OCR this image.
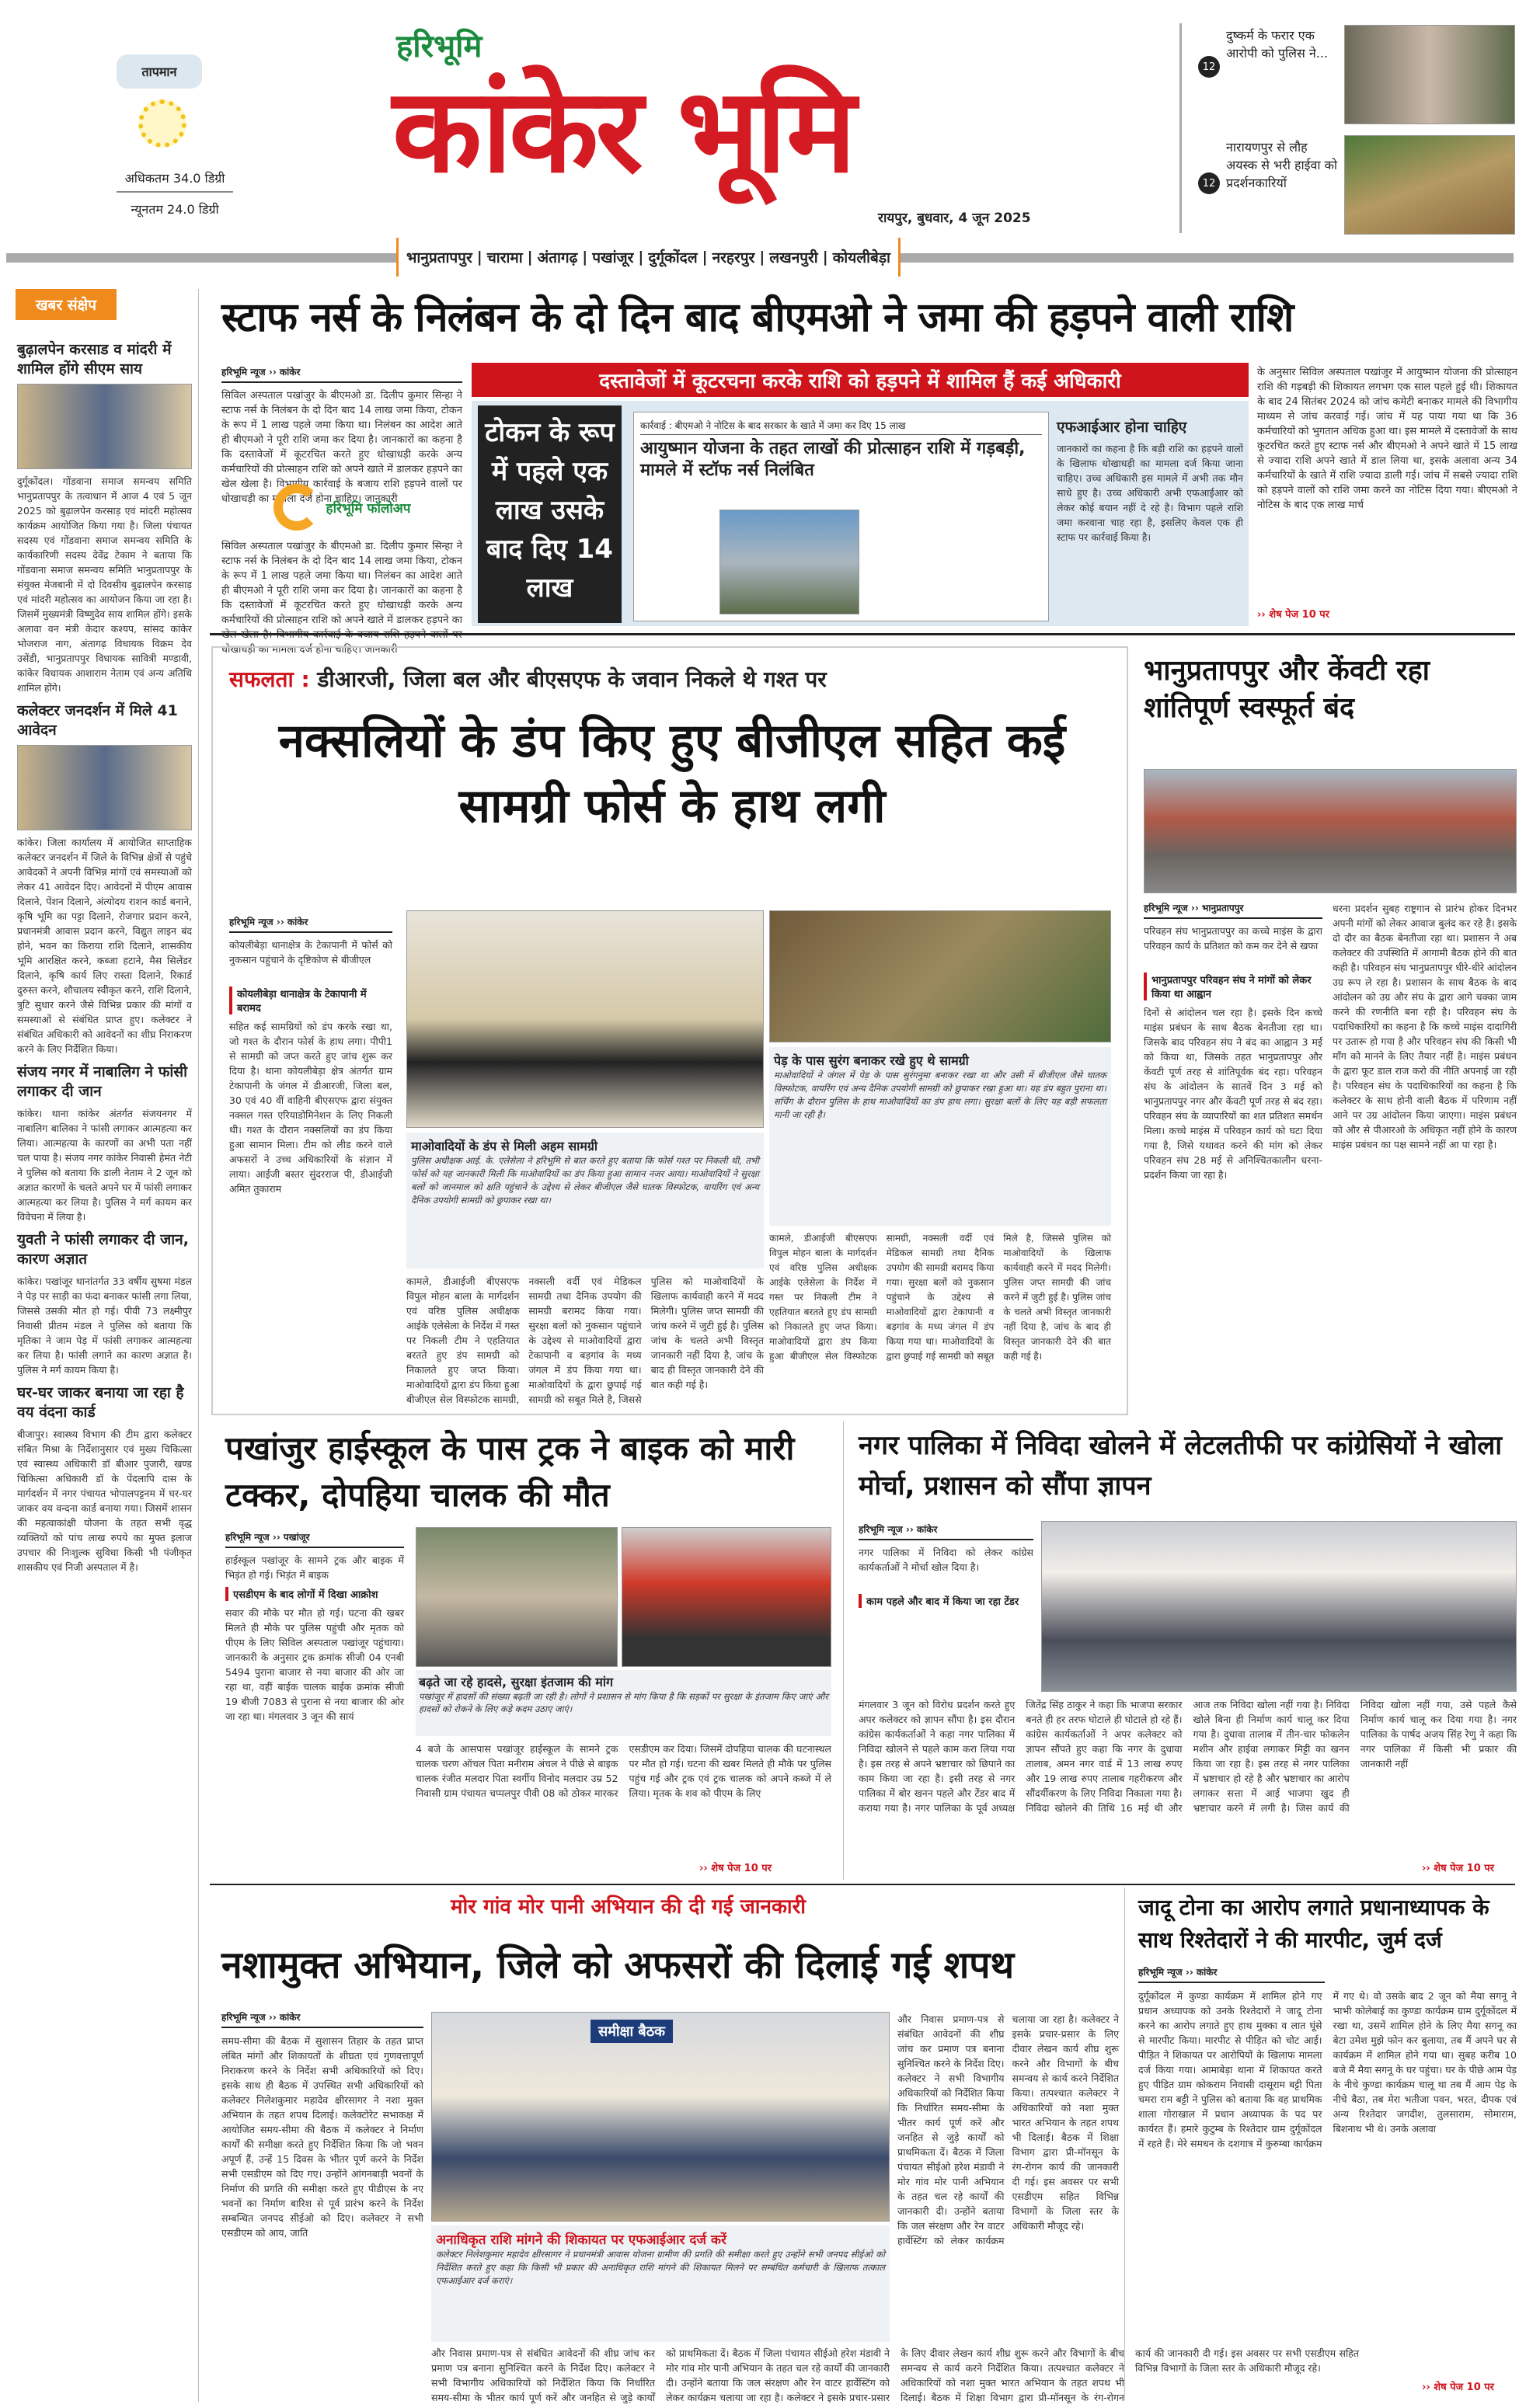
तापमान
अधिकतम 34.0 डिग्री
न्यूनतम 24.0 डिग्री
हरिभूमि
कांकेर भूमि
रायपुर, बुधवार, 4 जून 2025
12
दुष्कर्म के फरार एक आरोपी को पुलिस ने...
12
नारायणपुर से लौह अयस्क से भरी हाईवा को प्रदर्शनकारियों
भानुप्रतापपुर | चारामा | अंतागढ़ | पखांजूर | दुर्गूकोंदल | नरहरपुर | लखनपुरी | कोयलीबेड़ा
खबर संक्षेप
बुढ़ालपेन करसाड व मांदरी में शामिल होंगे सीएम साय
दुर्गूकोंदल। गोंडवाना समाज समन्वय समिति भानुप्रतापपुर के तत्वाधान में आज 4 एवं 5 जून 2025 को बुढ़ालपेन करसाड़ एवं मांदरी महोत्सव कार्यक्रम आयोजित किया गया है। जिला पंचायत सदस्य एवं गोंडवाना समाज समन्वय समिति के कार्यकारिणी सदस्य देवेंद्र टेकाम ने बताया कि गोंडवाना समाज समन्वय समिति भानुप्रतापपुर के संयुक्त मेजबानी में दो दिवसीय बुढ़ालपेन करसाड़ एवं मांदरी महोत्सव का आयोजन किया जा रहा है। जिसमें मुख्यमंत्री विष्णुदेव साय शामिल होंगे। इसके अलावा वन मंत्री केदार कश्यप, सांसद कांकेर भोजराज नाग, अंतागढ़ विधायक विक्रम देव उसेंडी, भानुप्रतापपुर विधायक सावित्री मण्डावी, कांकेर विधायक आशाराम नेताम एवं अन्य अतिथि शामिल होंगे।
कलेक्टर जनदर्शन में मिले 41 आवेदन
कांकेर। जिला कार्यालय में आयोजित साप्ताहिक कलेक्टर जनदर्शन में जिले के विभिन्न क्षेत्रों से पहुंचे आवेदकों ने अपनी विभिन्न मांगों एवं समस्याओं को लेकर 41 आवेदन दिए। आवेदनों में पीएम आवास दिलाने, पेंशन दिलाने, अंत्योदय राशन कार्ड बनाने, कृषि भूमि का पट्टा दिलाने, रोजगार प्रदान करने, प्रधानमंत्री आवास प्रदान करने, विद्युत लाइन बंद होने, भवन का किराया राशि दिलाने, शासकीय भूमि आरक्षित करने, कब्जा हटाने, मैस सिलेंडर दिलाने, कृषि कार्य लिए रास्ता दिलाने, रिकार्ड दुरुस्त करने, शौचालय स्वीकृत करने, राशि दिलाने, त्रुटि सुधार करने जैसे विभिन्न प्रकार की मांगों व समस्याओं से संबंधित प्राप्त हुए। कलेक्टर ने संबंधित अधिकारी को आवेदनों का शीघ्र निराकरण करने के लिए निर्देशित किया।
संजय नगर में नाबालिग ने फांसी लगाकर दी जान
कांकेर। थाना कांकेर अंतर्गत संजयनगर में नाबालिग बालिका ने फांसी लगाकर आत्महत्या कर लिया। आत्महत्या के कारणों का अभी पता नहीं चल पाया है। संजय नगर कांकेर निवासी हेमंत नेटी ने पुलिस को बताया कि डाली नेताम ने 2 जून को अज्ञात कारणों के चलते अपने घर में फांसी लगाकर आत्महत्या कर लिया है। पुलिस ने मर्ग कायम कर विवेचना में लिया है।
युवती ने फांसी लगाकर दी जान, कारण अज्ञात
कांकेर। पखांजूर थानांतर्गत 33 वर्षीय सुषमा मंडल ने पेड़ पर साड़ी का फंदा बनाकर फांसी लगा लिया, जिससे उसकी मौत हो गई। पीवी 73 लक्ष्मीपुर निवासी प्रीतम मंडल ने पुलिस को बताया कि मृतिका ने जाम पेड़ में फांसी लगाकर आत्महत्या कर लिया है। फांसी लगाने का कारण अज्ञात है। पुलिस ने मर्ग कायम किया है।
घर-घर जाकर बनाया जा रहा है वय वंदना कार्ड
बीजापुर। स्वास्थ्य विभाग की टीम द्वारा कलेक्टर संबित मिश्रा के निर्देशानुसार एवं मुख्य चिकित्सा एवं स्वास्थ्य अधिकारी डॉ बीआर पुजारी, खण्ड चिकित्सा अधिकारी डॉ के पेंदलापि दास के मार्गदर्शन में नगर पंचायत भोपालपट्टनम में घर-घर जाकर वय वन्दना कार्ड बनाया गया। जिसमें शासन की महत्वाकांक्षी योजना के तहत सभी वृद्ध व्यक्तियों को पांच लाख रुपये का मुफ्त इलाज उपचार की निःशुल्क सुविधा किसी भी पंजीकृत शासकीय एवं निजी अस्पताल में है।
स्टाफ नर्स के निलंबन के दो दिन बाद बीएमओ ने जमा की हड़पने वाली राशि
हरिभूमि न्यूज ›› कांकेर
सिविल अस्पताल पखांजुर के बीएमओ डा. दिलीप कुमार सिन्हा ने स्टाफ नर्स के निलंबन के दो दिन बाद 14 लाख जमा किया, टोकन के रूप में 1 लाख पहले जमा किया था। निलंबन का आदेश आते ही बीएमओ ने पूरी राशि जमा कर दिया है। जानकारों का कहना है कि दस्तावेजों में कूटरचित करते हुए धोखाधड़ी करके अन्य कर्मचारियों की प्रोत्साहन राशि को अपने खाते में डालकर हड़पने का खेल खेला है। विभागीय कार्रवाई के बजाय राशि हड़पने वालों पर धोखाधड़ी का मामला दर्ज होना चाहिए। जानकारी
हरिभूमि फॉलोअप
सिविल अस्पताल पखांजुर के बीएमओ डा. दिलीप कुमार सिन्हा ने स्टाफ नर्स के निलंबन के दो दिन बाद 14 लाख जमा किया, टोकन के रूप में 1 लाख पहले जमा किया था। निलंबन का आदेश आते ही बीएमओ ने पूरी राशि जमा कर दिया है। जानकारों का कहना है कि दस्तावेजों में कूटरचित करते हुए धोखाधड़ी करके अन्य कर्मचारियों की प्रोत्साहन राशि को अपने खाते में डालकर हड़पने का धोखाधड़ी का मामला दर्ज होना चाहिए। जानकारी
दस्तावेजों में कूटरचना करके राशि को हड़पने में शामिल हैं कई अधिकारी
टोकन के रूप में पहले एक लाख उसके बाद दिए 14 लाख
कार्रवाई : बीएमओ ने नोटिस के बाद सरकार के खाते में जमा कर दिए 15 लाख
आयुष्मान योजना के तहत लाखों की प्रोत्साहन राशि में गड़बड़ी, मामले में स्टॉफ नर्स निलंबित
एफआईआर होना चाहिए
जानकारों का कहना है कि बड़ी राशि का हड़पने वालों के खिलाफ धोखाधड़ी का मामला दर्ज किया जाना चाहिए। उच्च अधिकारी इस मामले में अभी तक मौन साधे हुए है। उच्च अधिकारी अभी एफआईआर को लेकर कोई बयान नहीं दे रहे है। विभाग पहले राशि जमा करवाना चाह रहा है, इसलिए केवल एक ही स्टाफ पर कार्रवाई किया है।
के अनुसार सिविल अस्पताल पखांजुर में आयुष्मान योजना की प्रोत्साहन राशि की गड़बड़ी की शिकायत लगभग एक साल पहले हुई थी। शिकायत के बाद 24 सितंबर 2024 को जांच कमेटी बनाकर मामले की विभागीय माध्यम से जांच करवाई गई। जांच में यह पाया गया था कि 36 कर्मचारियों को भुगतान अधिक हुआ था। इस मामले में दस्तावेजों के साथ कूटरचित करते हुए स्टाफ नर्स और बीएमओ ने अपने खाते में 15 लाख से ज्यादा राशि अपने खाते में डाल लिया था, इसके अलावा अन्य 34 कर्मचारियों के खाते में राशि ज्यादा डाली गई। जांच में सबसे ज्यादा राशि को हड़पने वालों को राशि जमा करने का नोटिस दिया गया। बीएमओ ने नोटिस के बाद एक लाख मार्च
›› शेष पेज 10 पर
सफलता : डीआरजी, जिला बल और बीएसएफ के जवान निकले थे गश्त पर
नक्सलियों के डंप किए हुए बीजीएल सहित कई सामग्री फोर्स के हाथ लगी
हरिभूमि न्यूज ›› कांकेर
कोयलीबेड़ा थानाक्षेत्र के टेकापानी में फोर्स को नुकसान पहुंचाने के दृष्टिकोण से बीजीएल
कोयलीबेड़ा थानाक्षेत्र के टेकापानी में बरामद
सहित कई सामग्रियों को डंप करके रखा था, जो गश्त के दौरान फोर्स के हाथ लगा। पीपी1 से सामग्री को जप्त करते हुए जांच शुरू कर दिया है। थाना कोयलीबेड़ा क्षेत्र अंतर्गत ग्राम टेकापानी के जंगल में डीआरजी, जिला बल, 30 एवं 40 वीं वाहिनी बीएसएफ द्वारा संयुक्त नक्सल गस्त एरियाडोमिनेशन के लिए निकली थी। गश्त के दौरान नक्सलियों का डंप किया हुआ सामान मिला। टीम को लीड करने वाले अफसरों ने उच्च अधिकारियों के संज्ञान में लाया। आईजी बस्तर सुंदरराज पी, डीआईजी अमित तुकाराम
माओवादियों के डंप से मिली अहम सामग्री
पुलिस अधीक्षक आई. के. एलेसेला ने हरिभूमि से बात करते हुए बताया कि फोर्स गश्त पर निकली थी, तभी फोर्स को यह जानकारी मिली कि माओवादियों का डंप किया हुआ सामान नजर आया। माओवादियों ने सुरक्षा बलों को जानमाल को क्षति पहुंचाने के उद्देश्य से लेकर बीजीएल जैसे घातक विस्फोटक, वायरिंग एवं अन्य दैनिक उपयोगी सामग्री को छुपाकर रखा था।
पेड़ के पास सुरंग बनाकर रखे हुए थे सामग्री
माओवादियों ने जंगल में पेड़ के पास सुरंगनुमा बनाकर रखा था और उसी में बीजीएल जैसे घातक विस्फोटक, वायरिंग एवं अन्य दैनिक उपयोगी सामग्री को छुपाकर रखा हुआ था। यह डंप बहुत पुराना था। सर्चिंग के दौरान पुलिस के हाथ माओवादियों का डंप हाथ लगा। सुरक्षा बलों के लिए यह बड़ी सफलता मानी जा रही है।
कामले, डीआईजी बीएसएफ विपुल मोहन बाला के मार्गदर्शन एवं वरिष्ठ पुलिस अधीक्षक आईके एलेसेला के निर्देश में गस्त पर निकली टीम ने एहतियात बरतते हुए डंप सामग्री को निकालते हुए जप्त किया। माओवादियों द्वारा डंप किया हुआ बीजीएल सेल विस्फोटक सामग्री, नक्सली वर्दी एवं मेडिकल सामग्री तथा दैनिक उपयोग की सामग्री बरामद किया गया। सुरक्षा बलों को नुकसान पहुंचाने के उद्देश्य से माओवादियों द्वारा टेकापानी व बड़गांव के मध्य जंगल में डंप किया गया था। माओवादियों के द्वारा छुपाई गई सामग्री को सबूत मिले है, जिससे पुलिस को माओवादियों के खिलाफ कार्यवाही करने में मदद मिलेगी। पुलिस जप्त सामग्री की जांच करने में जुटी हुई है। पुलिस जांच के चलते अभी विस्तृत जानकारी नहीं दिया है, जांच के बाद ही विस्तृत जानकारी देने की बात कही गई है।
कामले, डीआईजी बीएसएफ विपुल मोहन बाला के मार्गदर्शन एवं वरिष्ठ पुलिस अधीक्षक आईके एलेसेला के निर्देश में गस्त पर निकली टीम ने एहतियात बरतते हुए डंप सामग्री को निकालते हुए जप्त किया। माओवादियों द्वारा डंप किया हुआ बीजीएल सेल विस्फोटक सामग्री, नक्सली वर्दी एवं मेडिकल सामग्री तथा दैनिक उपयोग की सामग्री बरामद किया गया। सुरक्षा बलों को नुकसान पहुंचाने के उद्देश्य से माओवादियों द्वारा टेकापानी व बड़गांव के मध्य जंगल में डंप किया गया था। माओवादियों के द्वारा छुपाई गई सामग्री को सबूत मिले है, जिससे पुलिस को माओवादियों के खिलाफ कार्यवाही करने में मदद मिलेगी। पुलिस जप्त सामग्री की जांच करने में जुटी हुई है। पुलिस जांच के चलते अभी विस्तृत जानकारी नहीं दिया है, जांच के बाद ही विस्तृत जानकारी देने की बात कही गई है।
भानुप्रतापपुर और केंवटी रहा शांतिपूर्ण स्वस्फूर्त बंद
हरिभूमि न्यूज ›› भानुप्रतापपुर
परिवहन संघ भानुप्रतापपुर का कच्चे माइंस के द्वारा परिवहन कार्य के प्रतिशत को कम कर देने से खफा
भानुप्रतापपुर परिवहन संघ ने मांगों को लेकर किया था आह्वान
दिनों से आंदोलन चल रहा है। इसके दिन कच्चे माइंस प्रबंधन के साथ बैठक बेनतीजा रहा था। जिसके बाद परिवहन संघ ने बंद का आह्वान 3 मई को किया था, जिसके तहत भानुप्रतापपुर और केंवटी पूर्ण तरह से शांतिपूर्वक बंद रहा। परिवहन संघ के आंदोलन के सातवें दिन 3 मई को भानुप्रतापपुर नगर और केंवटी पूर्ण तरह से बंद रहा। परिवहन संघ के व्यापारियों का शत प्रतिशत समर्थन मिला। कच्चे माइंस में परिवहन कार्य को घटा दिया गया है, जिसे यथावत करने की मांग को लेकर परिवहन संघ 28 मई से अनिश्चितकालीन धरना-प्रदर्शन किया जा रहा है।
धरना प्रदर्शन सुबह राष्ट्रगान से प्रारंभ होकर दिनभर अपनी मांगों को लेकर आवाज बुलंद कर रहे है। इसके दो दौर का बैठक बेनतीजा रहा था। प्रशासन ने अब कलेक्टर की उपस्थिति में आगामी बैठक होने की बात कही है। परिवहन संघ भानुप्रतापपुर धीरे-धीरे आंदोलन उग्र रूप ले रहा है। प्रशासन के साथ बैठक के बाद आंदोलन को उग्र और संघ के द्वारा आगे चक्का जाम करने की रणनीति बना रही है। परिवहन संघ के पदाधिकारियों का कहना है कि कच्चे माइंस दादागिरी पर उतारू हो गया है और परिवहन संघ की किसी भी माँग को मानने के लिए तैयार नहीं है। माइंस प्रबंधन के द्वारा फूट डाल राज करो की नीति अपनाई जा रही है। परिवहन संघ के पदाधिकारियों का कहना है कि कलेक्टर के साथ होनी वाली बैठक में परिणाम नहीं आने पर उग्र आंदोलन किया जाएगा। माइंस प्रबंधन को और से पीआरओ के अधिकृत नहीं होने के कारण माइंस प्रबंधन का पक्ष सामने नहीं आ पा रहा है।
पखांजुर हाईस्कूल के पास ट्रक ने बाइक को मारी टक्कर, दोपहिया चालक की मौत
हरिभूमि न्यूज ›› पखांजूर
हाईस्कूल पखांजूर के सामने ट्रक और बाइक में भिड़ंत हो गई। भिड़ंत में बाइक
एसडीएम के बाद लोगों में दिखा आक्रोश
सवार की मौके पर मौत हो गई। घटना की खबर मिलते ही मौके पर पुलिस पहुंची और मृतक को पीएम के लिए सिविल अस्पताल पखांजूर पहुंचाया। जानकारी के अनुसार ट्रक क्रमांक सीजी 04 एनबी 5494 पुराना बाजार से नया बाजार की ओर जा रहा था, वहीं बाईक चालक बाईक क्रमांक सीजी 19 बीजी 7083 से पुराना से नया बाजार की ओर जा रहा था। मंगलवार 3 जून की सायं
बढ़ते जा रहे हादसे, सुरक्षा इंतजाम की मांग
पखांजूर में हादसों की संख्या बढ़ती जा रही है। लोगों ने प्रशासन से मांग किया है कि सड़कों पर सुरक्षा के इंतजाम किए जाएं और हादसों को रोकने के लिए कड़े कदम उठाए जाएं।
4 बजे के आसपास पखांजूर हाईस्कूल के सामने ट्रक चालक चरण ऑचल पिता मनीराम अंचल ने पीछे से बाइक चालक रंजीत मलदार पिता स्वर्गीय विनोद मलदार उम्र 52 निवासी ग्राम पंचायत चप्पलपुर पीवी 08 को ठोकर मारकर एसडीएम कर दिया। जिसमें दोपहिया चालक की घटनास्थल पर मौत हो गई। घटना की खबर मिलते ही मौके पर पुलिस पहुंच गई और ट्रक एवं ट्रक चालक को अपने कब्जे में ले लिया। मृतक के शव को पीएम के लिए
›› शेष पेज 10 पर
नगर पालिका में निविदा खोलने में लेटलतीफी पर कांग्रेसियों ने खोला मोर्चा, प्रशासन को सौंपा ज्ञापन
हरिभूमि न्यूज ›› कांकेर
नगर पालिका में निविदा को लेकर कांग्रेस कार्यकर्ताओं ने मोर्चा खोल दिया है।
काम पहले और बाद में किया जा रहा टेंडर
मंगलवार 3 जून को विरोध प्रदर्शन करते हुए अपर कलेक्टर को ज्ञापन सौंपा है। इस दौरान कांग्रेस कार्यकर्ताओं ने कहा नगर पालिका में निविदा खोलने से पहले काम करा लिया गया है। इस तरह से अपने भ्रष्टाचार को छिपाने का काम किया जा रहा है। इसी तरह से नगर पालिका में बोर खनन पहले और टेंडर बाद में कराया गया है। नगर पालिका के पूर्व अध्यक्ष जितेंद्र सिंह ठाकुर ने कहा कि भाजपा सरकार बनते ही हर तरफ घोटाले ही घोटाले हो रहे हैं। कांग्रेस कार्यकर्ताओं ने अपर कलेक्टर को ज्ञापन सौंपते हुए कहा कि नगर के दुधावा तालाब, अमन नगर वार्ड में 13 लाख रुपए और 19 लाख रुपए तालाब गहरीकरण और सौंदर्यीकरण के लिए निविदा निकाला गया है। निविदा खोलने की तिथि 16 मई थी और आज तक निविदा खोला नहीं गया है। निविदा खोले बिना ही निर्माण कार्य चालू कर दिया गया है। दुधावा तालाब में तीन-चार फोकलेन मशीन और हाईवा लगाकर मिट्टी का खनन किया जा रहा है। इस तरह से नगर पालिका में भ्रष्टाचार हो रहे है और भ्रष्टाचार का आरोप लगाकर सत्ता में आई भाजपा खुद ही भ्रष्टाचार करने में लगी है। जिस कार्य की निविदा खोला नहीं गया, उसे पहले कैसे निर्माण कार्य चालू कर दिया गया है। नगर पालिका के पार्षद अजय सिंह रेणु ने कहा कि नगर पालिका में किसी भी प्रकार की जानकारी नहीं
›› शेष पेज 10 पर
मोर गांव मोर पानी अभियान की दी गई जानकारी
नशामुक्त अभियान, जिले को अफसरों की दिलाई गई शपथ
हरिभूमि न्यूज ›› कांकेर
समय-सीमा की बैठक में सुशासन तिहार के तहत प्राप्त लंबित मांगों और शिकायतों के शीघ्रता एवं गुणवत्तापूर्ण निराकरण करने के निर्देश सभी अधिकारियों को दिए। इसके साथ ही बैठक में उपस्थित सभी अधिकारियों को कलेक्टर निलेशकुमार महादेव क्षीरसागर ने नशा मुक्त अभियान के तहत शपथ दिलाई। कलेक्टोरेट सभाकक्ष में आयोजित समय-सीमा की बैठक में कलेक्टर ने निर्माण कार्यों की समीक्षा करते हुए निर्देशित किया कि जो भवन अपूर्ण हैं, उन्हें 15 दिवस के भीतर पूर्ण करने के निर्देश सभी एसडीएम को दिए गए। उन्होंने आंगनबाड़ी भवनों के निर्माण की प्रगति की समीक्षा करते हुए पीडीएस के नए भवनों का निर्माण बारिश से पूर्व प्रारंभ करने के निर्देश सम्बन्धित जनपद सीईओ को दिए। कलेक्टर ने सभी एसडीएम को आय, जाति
समीक्षा बैठक
अनाधिकृत राशि मांगने की शिकायत पर एफआईआर दर्ज करें
कलेक्टर निलेशकुमार महादेव क्षीरसागर ने प्रधानमंत्री आवास योजना ग्रामीण की प्रगति की समीक्षा करते हुए उन्होंने सभी जनपद सीईओ को निर्देशित करते हुए कहा कि किसी भी प्रकार की अनाधिकृत राशि मांगने की शिकायत मिलने पर सम्बंधित कर्मचारी के खिलाफ तत्काल एफआईआर दर्ज कराएं।
और निवास प्रमाण-पत्र से संबंधित आवेदनों की शीघ्र जांच कर प्रमाण पत्र बनाना सुनिश्चित करने के निर्देश दिए। कलेक्टर ने सभी विभागीय अधिकारियों को निर्देशित किया कि निर्धारित समय-सीमा के भीतर कार्य पूर्ण करें और जनहित से जुड़े कार्यों को प्राथमिकता दें। बैठक में जिला पंचायत सीईओ हरेश मंडावी ने मोर गांव मोर पानी अभियान के तहत चल रहे कार्यों की जानकारी दी। उन्होंने बताया कि जल संरक्षण और रेन वाटर हार्वेस्टिंग को लेकर कार्यक्रम चलाया जा रहा है। कलेक्टर ने इसके प्रचार-प्रसार के लिए दीवार लेखन कार्य शीघ्र शुरू करने और विभागों के बीच समन्वय से कार्य करने निर्देशित किया। तत्पश्चात कलेक्टर ने अधिकारियों को नशा मुक्त भारत अभियान के तहत शपथ भी दिलाई। बैठक में शिक्षा विभाग द्वारा प्री-मॉनसून के रंग-रोगन कार्य की जानकारी दी गई। इस अवसर पर सभी एसडीएम सहित विभिन्न विभागों के जिला स्तर के अधिकारी मौजूद रहे।
और निवास प्रमाण-पत्र से संबंधित आवेदनों की शीघ्र जांच कर प्रमाण पत्र बनाना सुनिश्चित करने के निर्देश दिए। कलेक्टर ने सभी विभागीय अधिकारियों को निर्देशित किया कि निर्धारित समय-सीमा के भीतर कार्य पूर्ण करें और जनहित से जुड़े कार्यों को प्राथमिकता दें। बैठक में जिला पंचायत सीईओ हरेश मंडावी ने मोर गांव मोर पानी अभियान के तहत चल रहे कार्यों की जानकारी दी। उन्होंने बताया कि जल संरक्षण और रेन वाटर हार्वेस्टिंग को लेकर कार्यक्रम चलाया जा रहा है। कलेक्टर ने इसके प्रचार-प्रसार के लिए दीवार लेखन कार्य शीघ्र शुरू करने और विभागों के बीच समन्वय से कार्य करने निर्देशित किया। तत्पश्चात कलेक्टर ने अधिकारियों को नशा मुक्त भारत अभियान के तहत शपथ भी दिलाई। बैठक में शिक्षा विभाग द्वारा प्री-मॉनसून के रंग-रोगन कार्य की जानकारी दी गई। इस अवसर पर सभी एसडीएम सहित विभिन्न विभागों के जिला स्तर के अधिकारी मौजूद रहे।
जादू टोना का आरोप लगाते प्रधानाध्यापक के साथ रिश्तेदारों ने की मारपीट, जुर्म दर्ज
हरिभूमि न्यूज ›› कांकेर
दुर्गूकोंदल में कुण्डा कार्यक्रम में शामिल होने गए प्रधान अध्यापक को उनके रिश्तेदारों ने जादू टोना करने का आरोप लगाते हुए हाथ मुक्का व लात घूंसे से मारपीट किया। मारपीट से पीड़ित को चोट आई। पीड़ित ने शिकायत पर आरोपियों के खिलाफ मामला दर्ज किया गया। आमाबेड़ा थाना में शिकायत करते हुए पीड़ित ग्राम कोकराम निवासी दासूराम बट्टी पिता चमरा राम बट्टी ने पुलिस को बताया कि वह प्राथमिक शाला गोराखाल में प्रधान अध्यापक के पद पर कार्यरत हैं। हमारे कुटुम्ब के रिश्तेदार ग्राम दुर्गूकोंदल में रहते हैं। मेरे समधन के दशगात्र में कुरुम्बा कार्यक्रम में गए थे। वो उसके बाद 2 जून को मैया सगनू ने भाभी कोलेबाई का कुण्डा कार्यक्रम ग्राम दुर्गूकोंदल में रखा था, उसमें शामिल होने के लिए मैया सगनू का बेटा उमेश मुझे फोन कर बुलाया, तब मैं अपने घर से कार्यक्रम में शामिल होने गया था। सुबह करीब 10 बजे मैं मैया सगनू के घर पहुंचा। घर के पीछे आम पेड़ के नीचे कुण्डा कार्यक्रम चालू था तब मैं आम पेड़ के नीचे बैठा, तब मेरा भतीजा पवन, भरत, दीपक एवं अन्य रिश्तेदार जगदीश, तुलसाराम, सोमाराम, बिशनाथ भी थे। उनके अलावा
›› शेष पेज 10 पर
